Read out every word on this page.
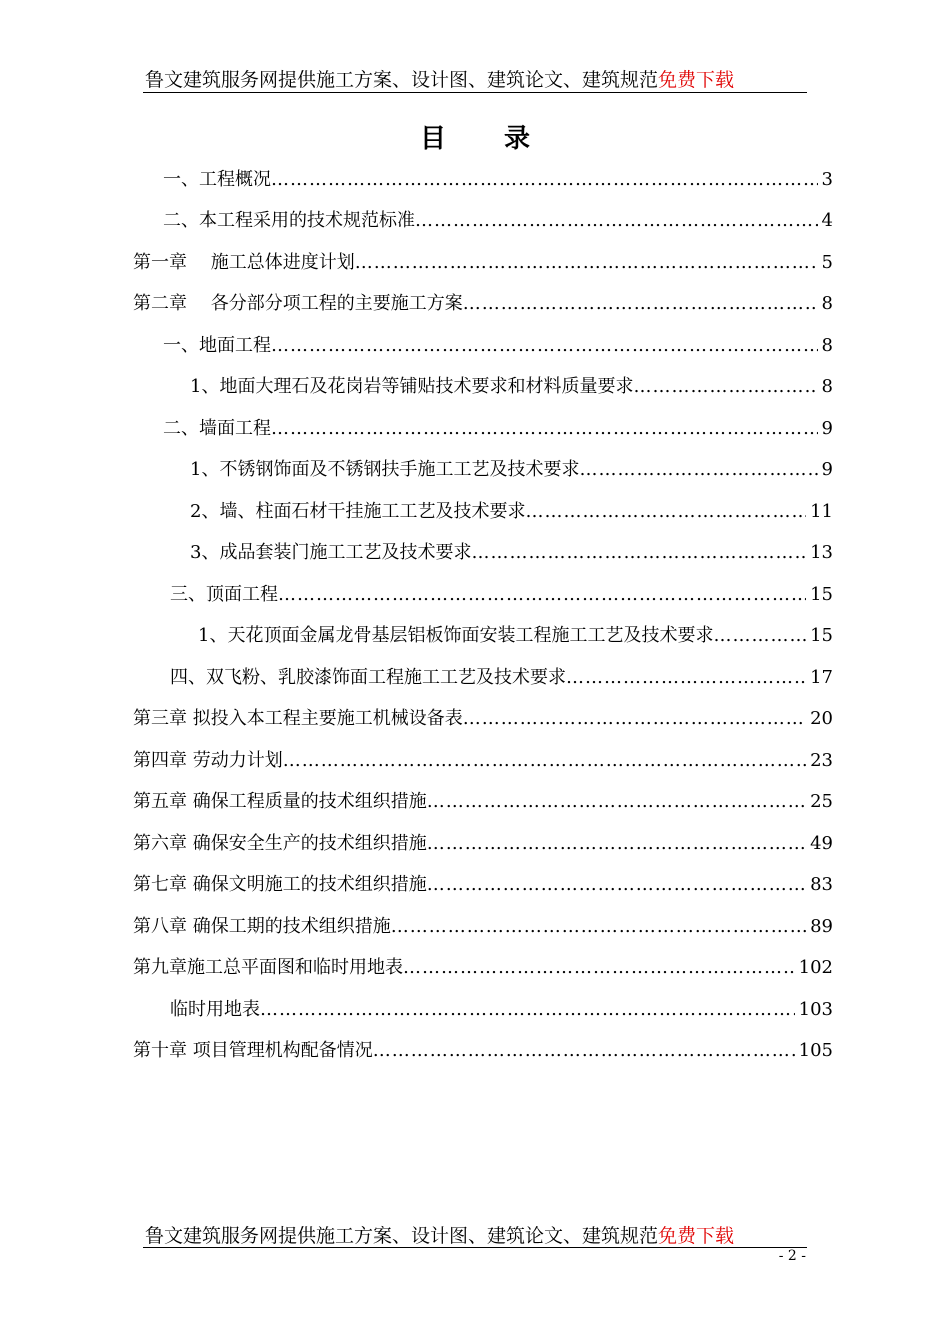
鲁文建筑服务网提供施工方案、设计图、建筑论文、建筑规范免费下载
目录
一、工程概况 ……………………………………………………………………………………………………………………………………………………	3
二、本工程采用的技术规范标准 ……………………………………………………………………………………………………………………………………………………	4
第一章　 施工总体进度计划 ……………………………………………………………………………………………………………………………………………………	5
第二章　 各分部分项工程的主要施工方案 ……………………………………………………………………………………………………………………………………………………	8
一、地面工程 ……………………………………………………………………………………………………………………………………………………	8
1、地面大理石及花岗岩等铺贴技术要求和材料质量要求 ……………………………………………………………………………………………………………………………………………………	8
二、墙面工程 ……………………………………………………………………………………………………………………………………………………	9
1、不锈钢饰面及不锈钢扶手施工工艺及技术要求 ……………………………………………………………………………………………………………………………………………………	9
2、墙、柱面石材干挂施工工艺及技术要求 ……………………………………………………………………………………………………………………………………………………	11
3、成品套装门施工工艺及技术要求 ……………………………………………………………………………………………………………………………………………………	13
三、顶面工程 ……………………………………………………………………………………………………………………………………………………	15
1、天花顶面金属龙骨基层铝板饰面安装工程施工工艺及技术要求 ……………………………………………………………………………………………………………………………………………………	15
四、双飞粉、乳胶漆饰面工程施工工艺及技术要求 ……………………………………………………………………………………………………………………………………………………	17
第三章 拟投入本工程主要施工机械设备表 ……………………………………………………………………………………………………………………………………………………	20
第四章 劳动力计划 ……………………………………………………………………………………………………………………………………………………	23
第五章 确保工程质量的技术组织措施 ……………………………………………………………………………………………………………………………………………………	25
第六章 确保安全生产的技术组织措施 ……………………………………………………………………………………………………………………………………………………	49
第七章 确保文明施工的技术组织措施 ……………………………………………………………………………………………………………………………………………………	83
第八章 确保工期的技术组织措施 ……………………………………………………………………………………………………………………………………………………	89
第九章施工总平面图和临时用地表 ……………………………………………………………………………………………………………………………………………………	102
临时用地表 ……………………………………………………………………………………………………………………………………………………	103
第十章 项目管理机构配备情况 ……………………………………………………………………………………………………………………………………………………	105
鲁文建筑服务网提供施工方案、设计图、建筑论文、建筑规范免费下载
- 2 -
